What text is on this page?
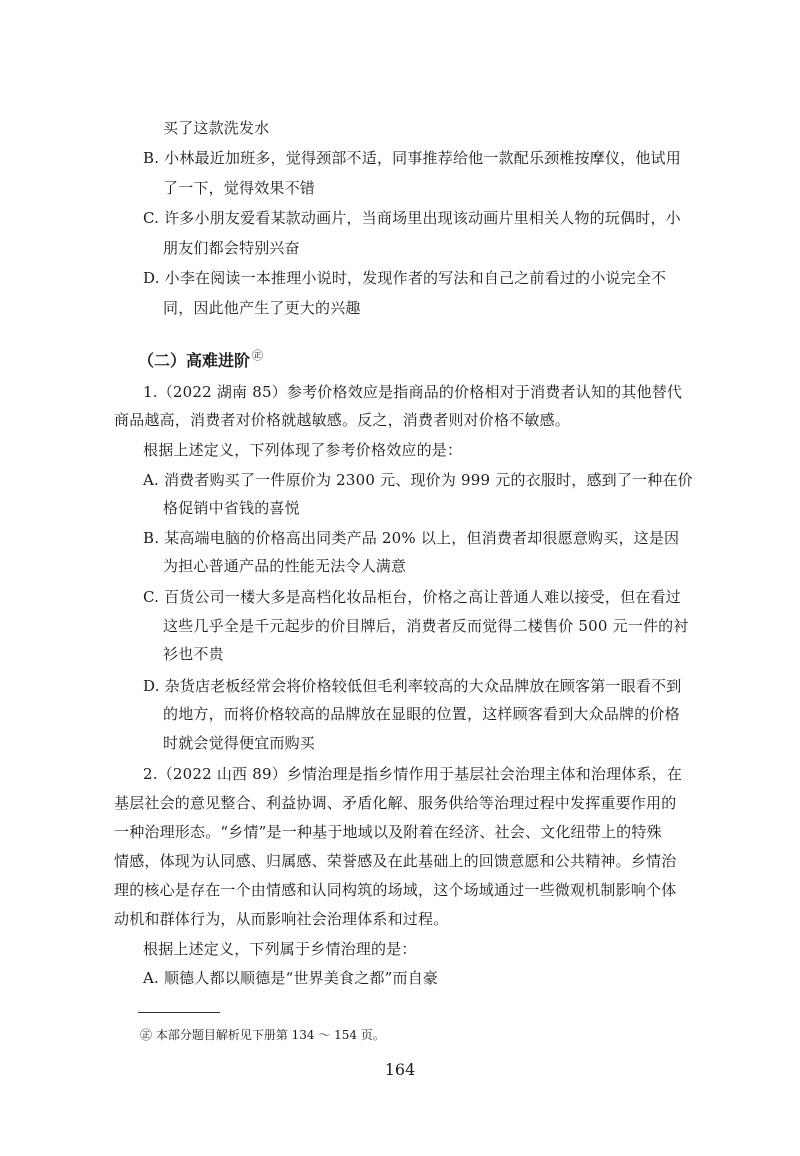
买了这款洗发水
B. 小林最近加班多，觉得颈部不适，同事推荐给他一款配乐颈椎按摩仪，他试用
了一下，觉得效果不错
C. 许多小朋友爱看某款动画片，当商场里出现该动画片里相关人物的玩偶时，小
朋友们都会特别兴奋
D. 小李在阅读一本推理小说时，发现作者的写法和自己之前看过的小说完全不
同，因此他产生了更大的兴趣
（二）高难进阶 ㊣
1.（2022 湖南 85）参考价格效应是指商品的价格相对于消费者认知的其他替代
商品越高，消费者对价格就越敏感。反之，消费者则对价格不敏感。
根据上述定义，下列体现了参考价格效应的是：
A. 消费者购买了一件原价为 2300 元、现价为 999 元的衣服时，感到了一种在价
格促销中省钱的喜悦
B. 某高端电脑的价格高出同类产品 20% 以上，但消费者却很愿意购买，这是因
为担心普通产品的性能无法令人满意
C. 百货公司一楼大多是高档化妆品柜台，价格之高让普通人难以接受，但在看过
这些几乎全是千元起步的价目牌后，消费者反而觉得二楼售价 500 元一件的衬
衫也不贵
D. 杂货店老板经常会将价格较低但毛利率较高的大众品牌放在顾客第一眼看不到
的地方，而将价格较高的品牌放在显眼的位置，这样顾客看到大众品牌的价格
时就会觉得便宜而购买
2.（2022 山西 89）乡情治理是指乡情作用于基层社会治理主体和治理体系，在
基层社会的意见整合、利益协调、矛盾化解、服务供给等治理过程中发挥重要作用的
一种治理形态。“乡情”是一种基于地域以及附着在经济、社会、文化纽带上的特殊
情感，体现为认同感、归属感、荣誉感及在此基础上的回馈意愿和公共精神。乡情治
理的核心是存在一个由情感和认同构筑的场域，这个场域通过一些微观机制影响个体
动机和群体行为，从而影响社会治理体系和过程。
根据上述定义，下列属于乡情治理的是：
A. 顺德人都以顺德是“世界美食之都”而自豪
㊣ 本部分题目解析见下册第 134 ～ 154 页。
164
